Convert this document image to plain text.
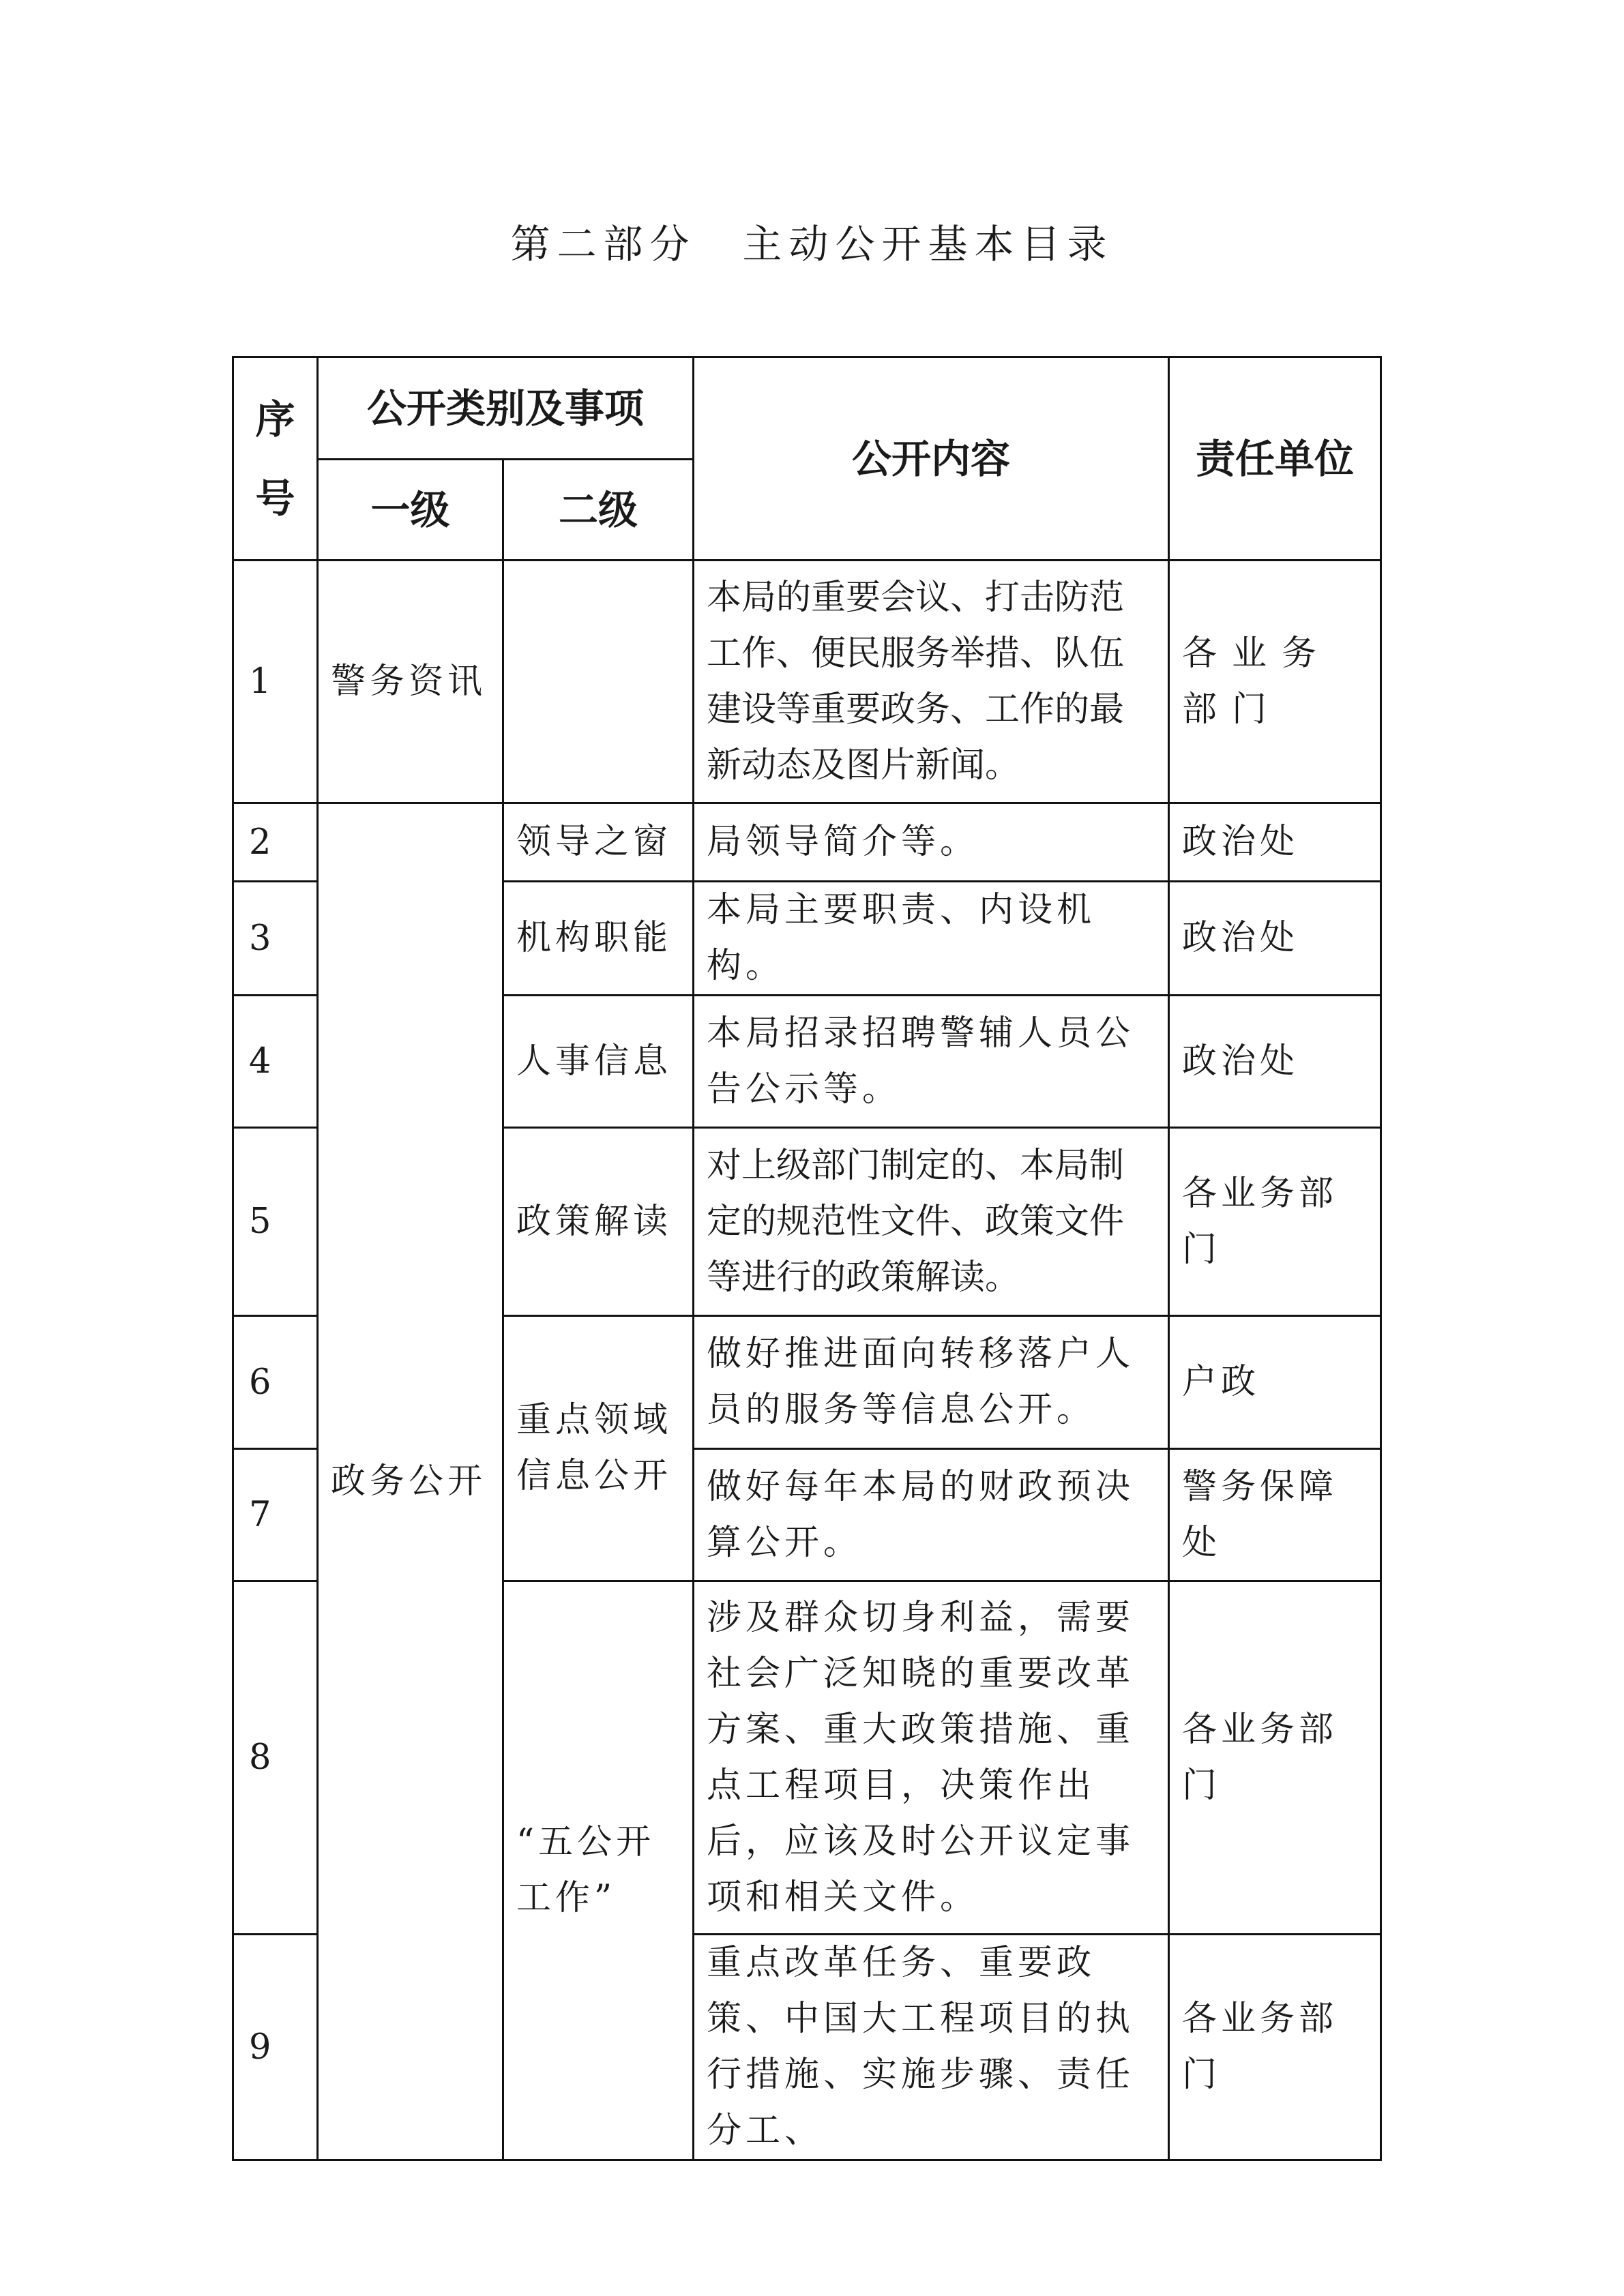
第二部分　主动公开基本目录
序号	公开类别及事项		公开内容	责任单位
	一级	二级		
1	警务资讯		本局的重要会议、打击防范工作、便民服务举措、队伍建设等重要政务、工作的最新动态及图片新闻。	各业务部门
2	政务公开	领导之窗	局领导简介等。	政治处
3		机构职能	本局主要职责、内设机构。	政治处
4		人事信息	本局招录招聘警辅人员公告公示等。	政治处
5		政策解读	对上级部门制定的、本局制定的规范性文件、政策文件等进行的政策解读。	各业务部门
6		重点领域信息公开	做好推进面向转移落户人员的服务等信息公开。	户政
7			做好每年本局的财政预决算公开。	警务保障处
8		“五公开工作”	涉及群众切身利益，需要社会广泛知晓的重要改革方案、重大政策措施、重点工程项目，决策作出后，应该及时公开议定事项和相关文件。	各业务部门
9			重点改革任务、重要政策、中国大工程项目的执行措施、实施步骤、责任分工、	各业务部门
